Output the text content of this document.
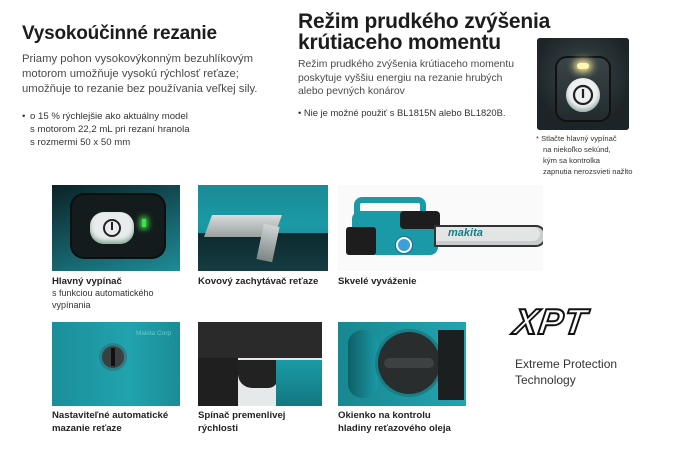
Vysokoúčinné rezanie
Priamy pohon vysokovýkonným bezuhlíkovým
motorom umožňuje vysokú rýchlosť reťaze;
umožňuje to rezanie bez používania veľkej sily.
• o 15 % rýchlejšie ako aktuálny model
s motorom 22,2 mL pri rezaní hranola
s rozmermi 50 x 50 mm
Režim prudkého zvýšenia
krútiaceho momentu
Režim prudkého zvýšenia krútiaceho momentu
poskytuje vyššiu energiu na rezanie hrubých
alebo pevných konárov
• Nie je možné použiť s BL1815N alebo BL1820B.
* Stlačte hlavný vypínač
na niekoľko sekúnd,
kým sa kontrolka
zapnutia nerozsvieti nažlto
Hlavný vypínač
s funkciou automatického
vypínania
Kovový zachytávač reťaze
makita
Skvelé vyváženie
Makita Corp
Nastaviteľné automatické
mazanie reťaze
Spínač premenlivej
rýchlosti
Okienko na kontrolu
hladiny reťazového oleja
XPT
Extreme Protection
Technology
